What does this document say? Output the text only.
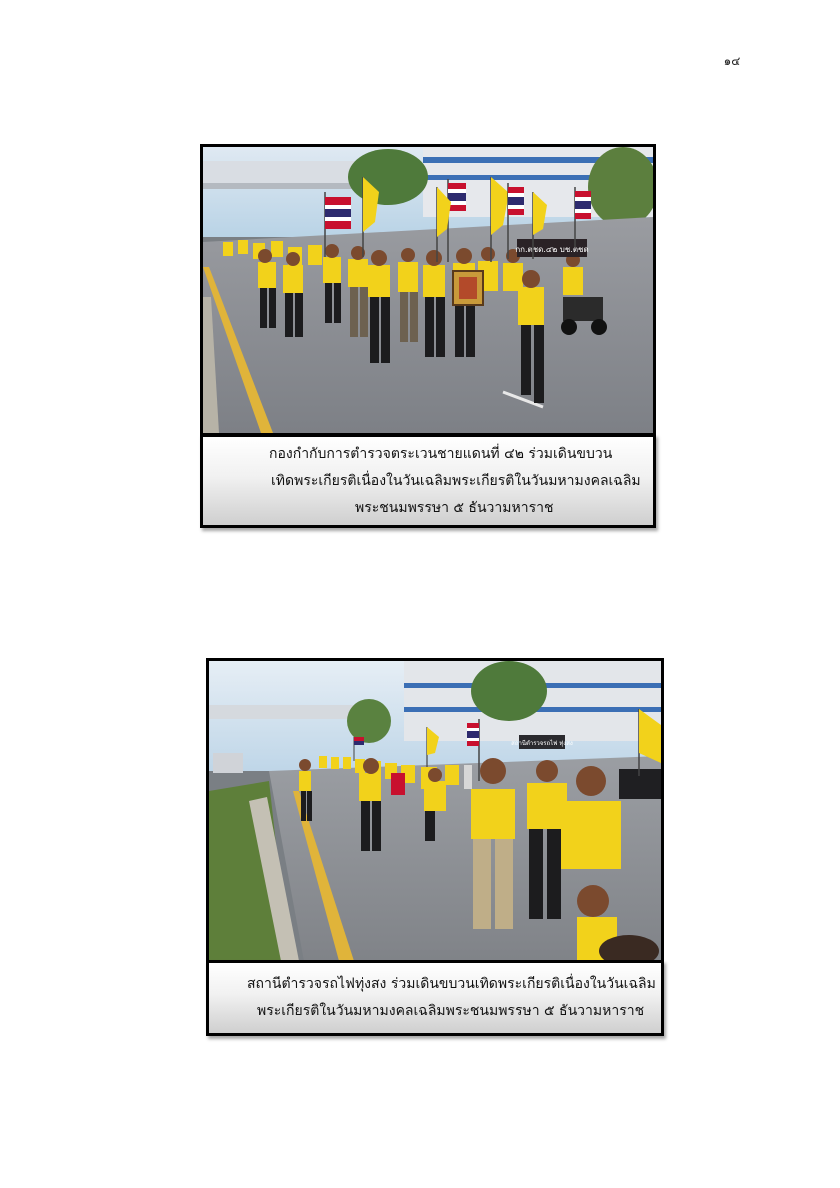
๑๔
กก.ตชด.๔๒ บช.ตชด
กองกำกับการตำรวจตระเวนชายแดนที่ ๔๒ ร่วมเดินขบวน
เทิดพระเกียรติเนื่องในวันเฉลิมพระเกียรติในวันมหามงคลเฉลิม
พระชนมพรรษา ๕ ธันวามหาราช
สถานีตำรวจรถไฟ ทุ่งสง
สถานีตำรวจรถไฟทุ่งสง ร่วมเดินขบวนเทิดพระเกียรติเนื่องในวันเฉลิม
พระเกียรติในวันมหามงคลเฉลิมพระชนมพรรษา ๕ ธันวามหาราช
